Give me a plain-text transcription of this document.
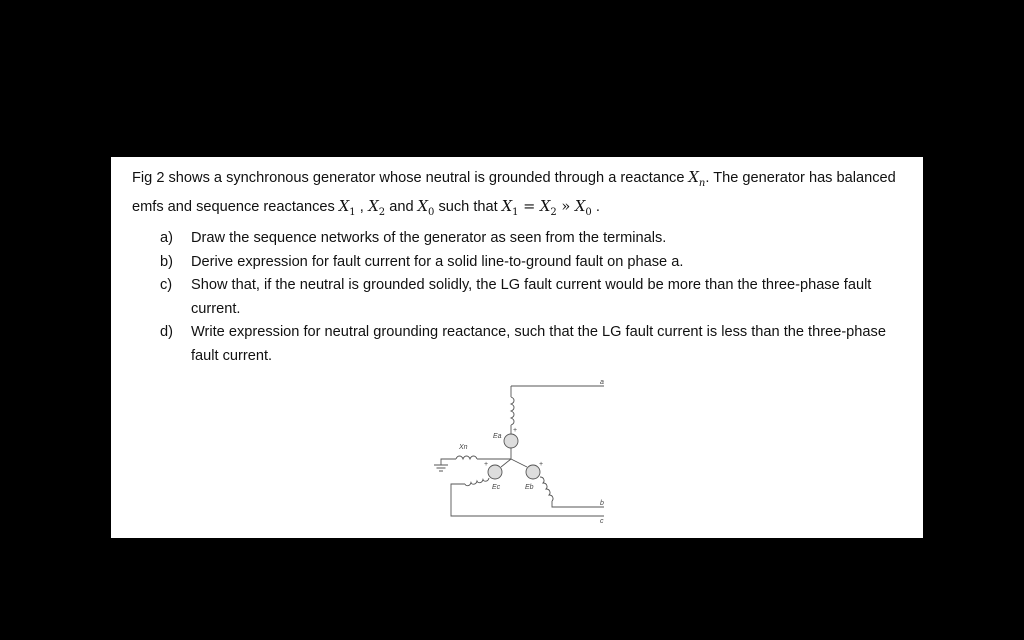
Fig 2 shows a synchronous generator whose neutral is grounded through a reactance $X_n$. The generator has balanced emfs and sequence reactances $X_1$ , $X_2$ and $X_0$ such that $X_1 = X_2$ » $X_0$ .
a)	Draw the sequence networks of the generator as seen from the terminals.
b)	Derive expression for fault current for a solid line-to-ground fault on phase a.
c)	Show that, if the neutral is grounded solidly, the LG fault current would be more than the three-phase fault current.
d)	Write expression for neutral grounding reactance, such that the LG fault current is less than the three-phase fault current.
a
b
c
Xn
Ea
Eb
Ec
+
+
+
